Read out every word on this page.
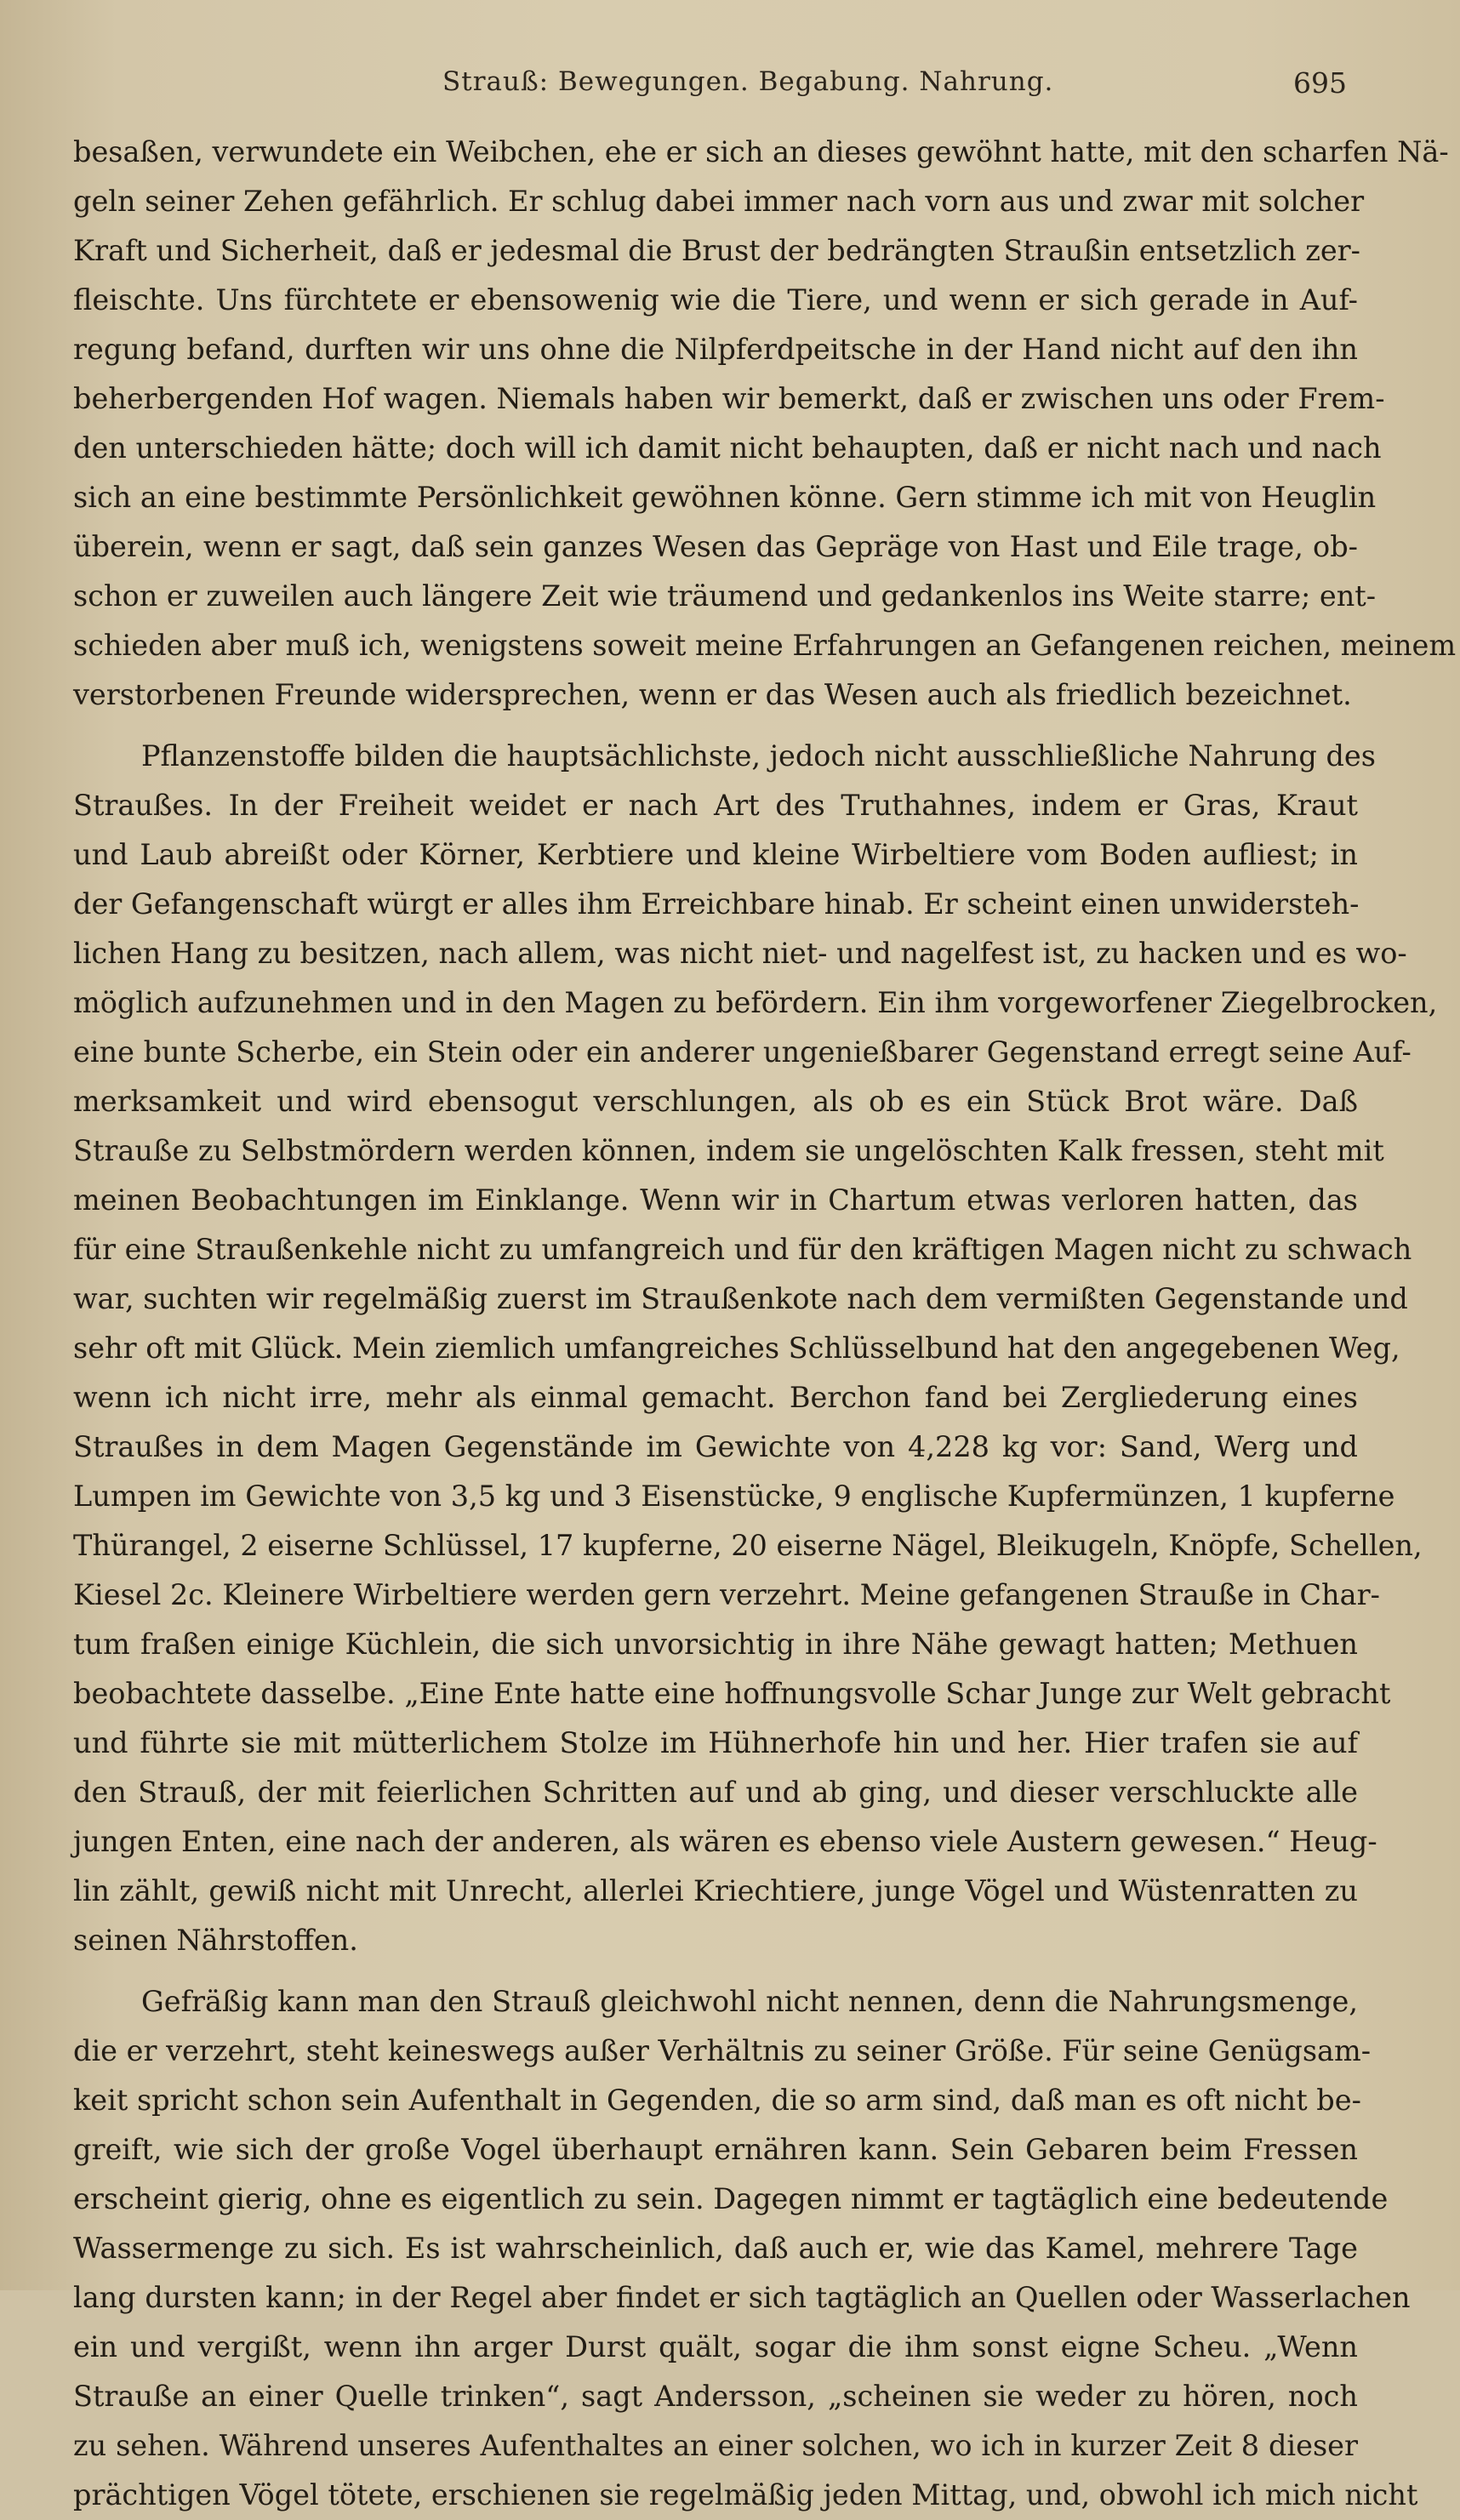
Strauß: Bewegungen. Begabung. Nahrung.	695
besaßen, verwundete ein Weibchen, ehe er sich an dieses gewöhnt hatte, mit den scharfen Nä-
geln seiner Zehen gefährlich. Er schlug dabei immer nach vorn aus und zwar mit solcher
Kraft und Sicherheit, daß er jedesmal die Brust der bedrängten Straußin entsetzlich zer-
fleischte. Uns fürchtete er ebensowenig wie die Tiere, und wenn er sich gerade in Auf-
regung befand, durften wir uns ohne die Nilpferdpeitsche in der Hand nicht auf den ihn
beherbergenden Hof wagen. Niemals haben wir bemerkt, daß er zwischen uns oder Frem-
den unterschieden hätte; doch will ich damit nicht behaupten, daß er nicht nach und nach
sich an eine bestimmte Persönlichkeit gewöhnen könne. Gern stimme ich mit von Heuglin
überein, wenn er sagt, daß sein ganzes Wesen das Gepräge von Hast und Eile trage, ob-
schon er zuweilen auch längere Zeit wie träumend und gedankenlos ins Weite starre; ent-
schieden aber muß ich, wenigstens soweit meine Erfahrungen an Gefangenen reichen, meinem
verstorbenen Freunde widersprechen, wenn er das Wesen auch als friedlich bezeichnet.
Pflanzenstoffe bilden die hauptsächlichste, jedoch nicht ausschließliche Nahrung des
Straußes. In der Freiheit weidet er nach Art des Truthahnes, indem er Gras, Kraut
und Laub abreißt oder Körner, Kerbtiere und kleine Wirbeltiere vom Boden aufliest; in
der Gefangenschaft würgt er alles ihm Erreichbare hinab. Er scheint einen unwiderstеh-
lichen Hang zu besitzen, nach allem, was nicht niet- und nagelfest ist, zu hacken und es wo-
möglich aufzunehmen und in den Magen zu befördern. Ein ihm vorgeworfener Ziegelbrocken,
eine bunte Scherbe, ein Stein oder ein anderer ungenießbarer Gegenstand erregt seine Auf-
merksamkeit und wird ebensogut verschlungen, als ob es ein Stück Brot wäre. Daß
Strauße zu Selbstmördern werden können, indem sie ungelöschten Kalk fressen, steht mit
meinen Beobachtungen im Einklange. Wenn wir in Chartum etwas verloren hatten, das
für eine Straußenkehle nicht zu umfangreich und für den kräftigen Magen nicht zu schwach
war, suchten wir regelmäßig zuerst im Straußenkote nach dem vermißten Gegenstande und
sehr oft mit Glück. Mein ziemlich umfangreiches Schlüsselbund hat den angegebenen Weg,
wenn ich nicht irre, mehr als einmal gemacht. Berchon fand bei Zergliederung eines
Straußes in dem Magen Gegenstände im Gewichte von 4,228 kg vor: Sand, Werg und
Lumpen im Gewichte von 3,5 kg und 3 Eisenstücke, 9 englische Kupfermünzen, 1 kupferne
Thürangel, 2 eiserne Schlüssel, 17 kupferne, 20 eiserne Nägel, Bleikugeln, Knöpfe, Schellen,
Kiesel 2c. Kleinere Wirbeltiere werden gern verzehrt. Meine gefangenen Strauße in Char-
tum fraßen einige Küchlein, die sich unvorsichtig in ihre Nähe gewagt hatten; Methuen
beobachtete dasselbe. „Eine Ente hatte eine hoffnungsvolle Schar Junge zur Welt gebracht
und führte sie mit mütterlichem Stolze im Hühnerhofe hin und her. Hier trafen sie auf
den Strauß, der mit feierlichen Schritten auf und ab ging, und dieser verschluckte alle
jungen Enten, eine nach der anderen, als wären es ebenso viele Austern gewesen.“ Heug-
lin zählt, gewiß nicht mit Unrecht, allerlei Kriechtiere, junge Vögel und Wüstenratten zu
seinen Nährstoffen.
Gefräßig kann man den Strauß gleichwohl nicht nennen, denn die Nahrungsmenge,
die er verzehrt, steht keineswegs außer Verhältnis zu seiner Größe. Für seine Genügsam-
keit spricht schon sein Aufenthalt in Gegenden, die so arm sind, daß man es oft nicht be-
greift, wie sich der große Vogel überhaupt ernähren kann. Sein Gebaren beim Fressen
erscheint gierig, ohne es eigentlich zu sein. Dagegen nimmt er tagtäglich eine bedeutende
Wassermenge zu sich. Es ist wahrscheinlich, daß auch er, wie das Kamel, mehrere Tage
lang dursten kann; in der Regel aber findet er sich tagtäglich an Quellen oder Wasserlachen
ein und vergißt, wenn ihn arger Durst quält, sogar die ihm sonst eigne Scheu. „Wenn
Strauße an einer Quelle trinken“, sagt Andersson, „scheinen sie weder zu hören, noch
zu sehen. Während unseres Aufenthaltes an einer solchen, wo ich in kurzer Zeit 8 dieser
prächtigen Vögel tötete, erschienen sie regelmäßig jeden Mittag, und, obwohl ich mich nicht
